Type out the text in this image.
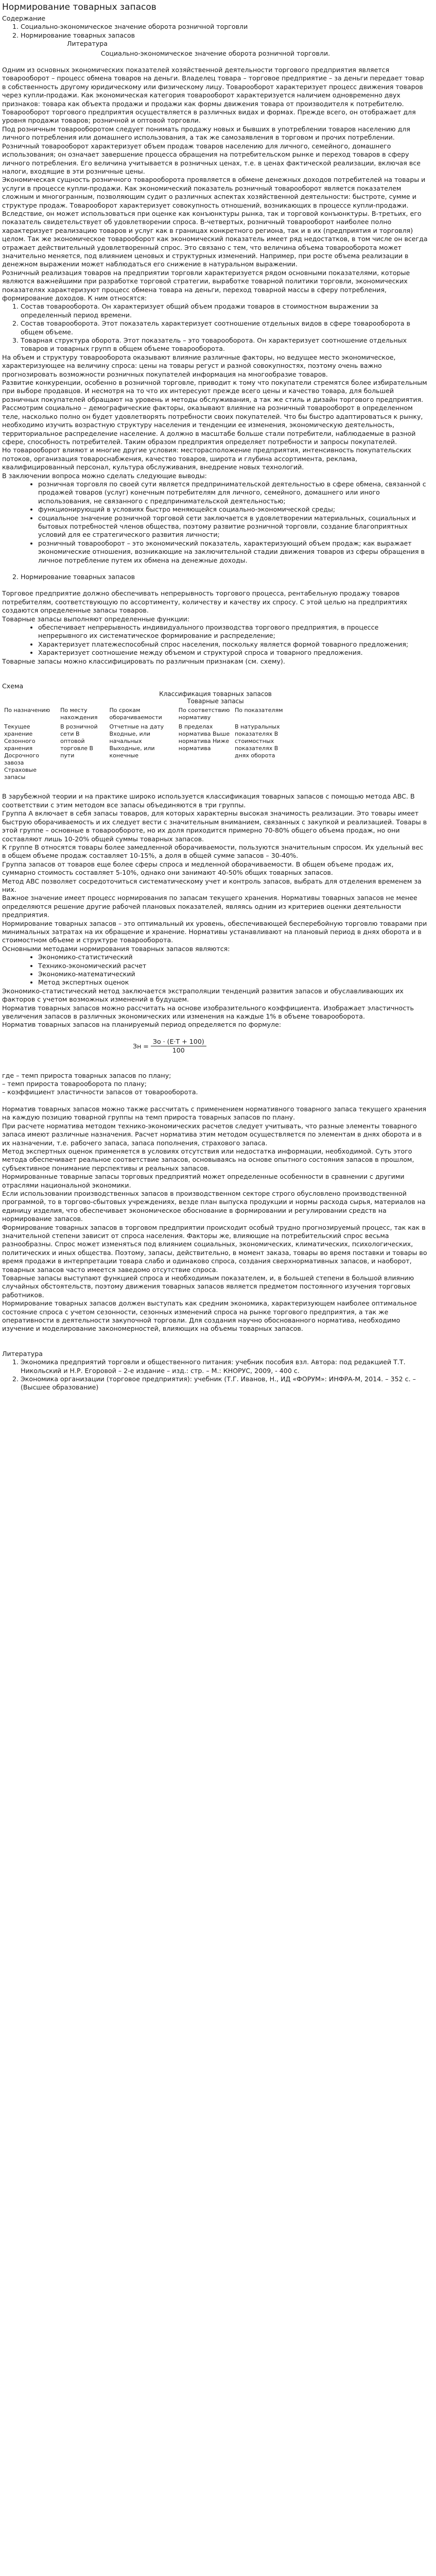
Нормирование товарных запасов

Содержание

1. Социально-экономическое значение оборота розничной торговли
2. Нормирование товарных запасов
Литература

Социально-экономическое значение оборота розничной торговли.

Одним из основных экономических показателей хозяйственной деятельности торгового предприятия является товарооборот – процесс обмена товаров на деньги. Владелец товара – торговое предприятие – за деньги передает товар в собственность другому юридическому или физическому лицу. Товарооборот характеризует процесс движения товаров через купли-продажи. Как экономическая категория товарооборот характеризуется наличием одновременно двух признаков: товара как объекта продажи и продажи как формы движения товара от производителя к потребителю.

Товарооборот торгового предприятия осуществляется в различных видах и формах. Прежде всего, он отображает для уровня продажи товаров; розничной и оптовой торговли.

Под розничным товарооборотом следует понимать продажу новых и бывших в употреблении товаров населению для личного потребления или домашнего использования, а так же самозаявления в торговом и прочих потреблении.

Розничный товарооборот характеризует объем продаж товаров населению для личного, семейного, домашнего использования; он означает завершение процесса обращения на потребительском рынке и переход товаров в сферу личного потребления. Его величина учитывается в розничных ценах, т.е. в ценах фактической реализации, включая все налоги, входящие в эти розничные цены.

Экономическая сущность розничного товарооборота проявляется в обмене денежных доходов потребителей на товары и услуги в процессе купли-продажи. Как экономический показатель розничный товарооборот является показателем сложным и многогранным, позволяющим судит о различных аспектах хозяйственной деятельности: быстроте, сумме и структуре продаж. Товарооборот характеризует совокупность отношений, возникающих в процессе купли-продажи. Вследствие, он может использоваться при оценке как конъюнктуры рынка, так и торговой конъюнктуры. В-третьих, его показатель свидетельствует об удовлетворении спроса. В-четвертых, розничный товарооборот наиболее полно характеризует реализацию товаров и услуг как в границах конкретного региона, так и в их (предприятия и торговля) целом. Так же экономическое товарооборот как экономический показатель имеет ряд недостатков, в том числе он всегда отражает действительный удовлетворенный спрос. Это связано с тем, что величина объема товарооборота может значительно меняется, под влиянием ценовых и структурных изменений. Например, при росте объема реализации в денежном выражении может наблюдаться его снижение в натуральном выражении.

Розничный реализация товаров на предприятии торговли характеризуется рядом основными показателями, которые являются важнейшими при разработке торговой стратегии, выработке товарной политики торговли, экономических показателях характеризуют процесс обмена товара на деньги, переход товарной массы в сферу потребления, формирование доходов. К ним относятся:

1. Состав товарооборота. Он характеризует общий объем продажи товаров в стоимостном выражении за определенный период времени.
2. Состав товарооборота. Этот показатель характеризует соотношение отдельных видов в сфере товарооборота в общем объеме.
3. Товарная структура оборота. Этот показатель – это товарооборота. Он характеризует соотношение отдельных товаров и товарных групп в общем объеме товарооборота.

На объем и структуру товарооборота оказывают влияние различные факторы, но ведущее место экономическое, характеризующее на величину спроса: цены на товары регуст и разной совокупностях, поэтому очень важно прогнозировать возможности розничных покупателей информация на многообразие товаров.

Развитие конкуренции, особенно в розничной торговле, приводит к тому что покупатели стремятся более избирательным при выборе продавцов. И несмотря на то что их интересуют прежде всего цены и качество товара, для большей розничных покупателей обращают на уровень и методы обслуживания, а так же стиль и дизайн торгового предприятия.

Рассмотрим социально – демографические факторы, оказывают влияние на розничный товарооборот в определенном теле, насколько полно он будет удовлетворять потребности своих покупателей. Что бы быстро адаптироваться к рынку, необходимо изучить возрастную структуру населения и тенденции ее изменения, экономическую деятельность, территориальное распределение население. А должно в масштабе больше стали потребители, наблюдаемые в разной сфере, способность потребителей. Таким образом предприятия определяет потребности и запросы покупателей.

Но товарооборот влияют и многие другие условия: месторасположение предприятия, интенсивность покупательских потоков, организация товароснабжения, качество товаров, широта и глубина ассортимента, реклама, квалифицированный персонал, культура обслуживания, внедрение новых технологий.

В заключении вопроса можно сделать следующие выводы:

• розничная торговля по своей сути является предпринимательской деятельностью в сфере обмена, связанной с продажей товаров (услуг) конечным потребителям для личного, семейного, домашнего или иного использования, не связанного с предпринимательской деятельностью;
• функционирующий в условиях быстро меняющейся социально-экономической среды;
• социальное значение розничной торговой сети заключается в удовлетворении материальных, социальных и бытовых потребностей членов общества, поэтому развитие розничной торговли, создание благоприятных условий для ее стратегического развития личности;
• розничный товарооборот – это экономический показатель, характеризующий объем продаж; как выражает экономические отношения, возникающие на заключительной стадии движения товаров из сферы обращения в личное потребление путем их обмена на денежные доходы.
2. Нормирование товарных запасов

Торговое предприятие должно обеспечивать непрерывность торгового процесса, рентабельную продажу товаров потребителям, соответствующую по ассортименту, количеству и качеству их спросу. С этой целью на предприятиях создаются определенные запасы товаров.

Товарные запасы выполняют определенные функции:

• обеспечивает непрерывность индивидуального производства торгового предприятия, в процессе непрерывного их систематическое формирование и распределение;
• Характеризует платежеспособный спрос населения, поскольку является формой товарного предложения;
• Характеризует соотношение между объемом и структурой спроса и товарного предложения.

Товарные запасы можно классифицировать по различным признакам (см. схему).

Схема

Классификация товарных запасов

Товарные запасы

По назначению	По месту нахождения	По срокам оборачиваемости	По соответствию нормативу	По показателям
Текущее хранение Сезонного хранения Досрочного завоза Страховые запасы	В розничной сети В оптовой торговле В пути	Отчетные на дату Входные, или начальных Выходные, или конечные	В пределах норматива Выше норматива Ниже норматива	В натуральных показателях В стоимостных показателях В днях оборота

В зарубежной теории и на практике широко используется классификация товарных запасов с помощью метода ABC. В соответствии с этим методом все запасы объединяются в три группы.

Группа А включает в себя запасы товаров, для которых характерны высокая значимость реализации. Это товары имеет быструю оборачиваемость и их следует вести с значительным вниманием, связанных с закупкой и реализацией. Товары в этой группе – основные в товарообороте, но их доля приходится примерно 70-80% общего объема продаж, но они составляют лишь 10-20% общей суммы товарных запасов.

К группе В относятся товары более замедленной оборачиваемости, пользуются значительным спросом. Их удельный вес в общем объеме продаж составляет 10-15%, а доля в общей сумме запасов – 30-40%.

Группа запасов от товаров еще более сферы спроса и медленной оборачиваемости. В общем объеме продаж их, суммарно стоимость составляет 5-10%, однако они занимают 40-50% общих товарных запасов.

Метод ABC позволяет сосредоточиться систематическому учет и контроль запасов, выбрать для отделения временем за них.

Важное значение имеет процесс нормирования по запасам текущего хранения. Нормативы товарных запасов не менее определяются решение другие рабочей плановых показателей, являясь одним из критериев оценки деятельности предприятия.

Нормирование товарных запасов – это оптимальный их уровень, обеспечивающей бесперебойную торговлю товарами при минимальных затратах на их обращение и хранение. Нормативы устанавливают на плановый период в днях оборота и в стоимостном объеме и структуре товарооборота.

Основными методами нормирования товарных запасов являются:

• Экономико-статистический
• Технико-экономический расчет
• Экономико-математический
• Метод экспертных оценок

Экономико-статистический метод заключается экстраполяции тенденций развития запасов и обуславливающих их факторов с учетом возможных изменений в будущем.

Норматив товарных запасов можно рассчитать на основе изобразительного коэффициента. Изображает эластичность увеличения запасов в различных экономических или изменения на каждые 1% в объеме товарооборота.

Норматив товарных запасов на планируемый период определяется по формуле:

Зн =	Зо · (Е·Т + 100)
100

где – темп прироста товарных запасов по плану;

– темп прироста товарооборота по плану;

– коэффициент эластичности запасов от товарооборота.

Норматив товарных запасов можно также рассчитать с применением нормативного товарного запаса текущего хранения на каждую позицию товарной группы на темп прироста товарных запасов по плану.

При расчете норматива методом технико-экономических расчетов следует учитывать, что разные элементы товарного запаса имеют различные назначения. Расчет норматива этим методом осуществляется по элементам в днях оборота и в их назначении, т.е. рабочего запаса, запаса пополнения, страхового запаса.

Метод экспертных оценок применяется в условиях отсутствия или недостатка информации, необходимой. Суть этого метода обеспечивает реальное соответствие запасов, основываясь на основе опытного состояния запасов в прошлом, субъективное понимание перспективы и реальных запасов.

Нормированные товарные запасы торговых предприятий может определенные особенности в сравнении с другими отраслями национальной экономики.

Если использовании производственных запасов в производственном секторе строго обусловлено производственной программой, то в торгово-сбытовых учреждениях, везде план выпуска продукции и нормы расхода сырья, материалов на единицу изделия, что обеспечивает экономическое обоснование в формировании и регулировании средств на нормирование запасов.

Формирование товарных запасов в торговом предприятии происходит особый трудно прогнозируемый процесс, так как в значительной степени зависит от спроса населения. Факторы же, влияющие на потребительский спрос весьма разнообразны. Спрос может изменяться под влиянием социальных, экономических, климатических, психологических, политических и иных общества. Поэтому, запасы, действительно, в момент заказа, товары во время поставки и товары во время продажи в интерпретации товара слабо и одинаково спроса, создания сверхнормативных запасов, и наоборот, товарных запасов часто имеется заведомо отсутствие спроса.

Товарные запасы выступают функцией спроса и необходимым показателем, и, в большей степени в большой влиянию случайных обстоятельств, поэтому движения товарных запасов является предметом постоянного изучения торговых работников.

Нормирование товарных запасов должен выступать как средним экономика, характеризующем наиболее оптимальное состояние спроса с учетом сезонности, сезонных изменений спроса на рынке торгового предприятия, а так же оперативности в деятельности закупочной торговли. Для создания научно обоснованного норматива, необходимо изучение и моделирование закономерностей, влияющих на объемы товарных запасов.

Литература

1. Экономика предприятий торговли и общественного питания: учебник пособия взл. Автора: под редакцией Т.Т. Никольский и Н.Р. Егоровой – 2-е издание – изд.: стр. – М.: КНОРУС, 2009, - 400 с.
2. Экономика организации (торговое предприятия): учебник (Т.Г. Иванов, Н., ИД «ФОРУМ»: ИНФРА-М, 2014. – 352 с. – (Высшее образование)
